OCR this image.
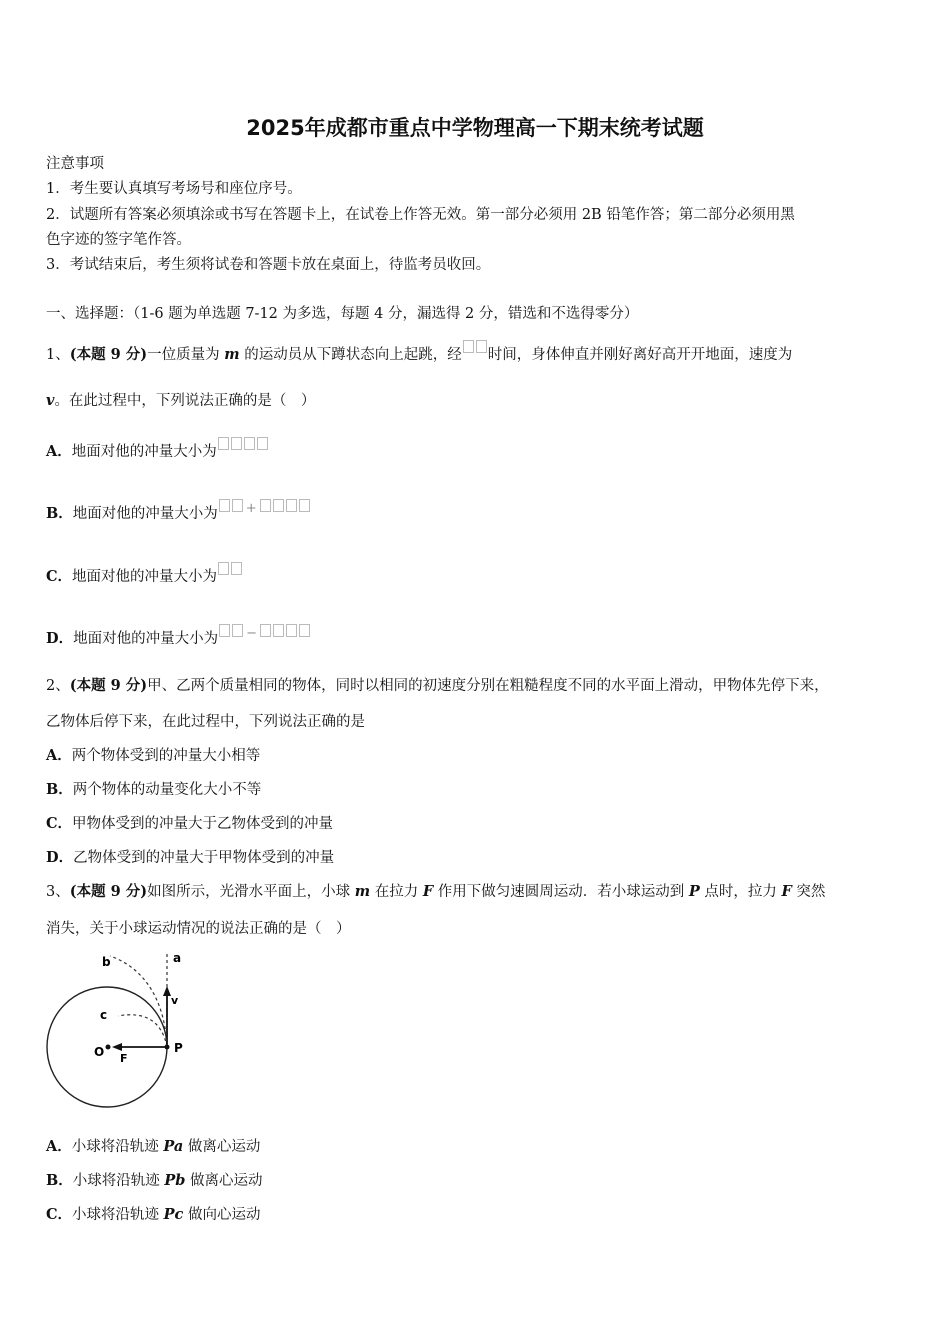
2025年成都市重点中学物理高一下期末统考试题
注意事项
1．考生要认真填写考场号和座位序号。
2．试题所有答案必须填涂或书写在答题卡上，在试卷上作答无效。第一部分必须用 2B 铅笔作答；第二部分必须用黑
色字迹的签字笔作答。
3．考试结束后，考生须将试卷和答题卡放在桌面上，待监考员收回。
一、选择题：（1-6 题为单选题 7-12 为多选，每题 4 分，漏选得 2 分，错选和不选得零分）
1、(本题 9 分)一位质量为 m 的运动员从下蹲状态向上起跳，经 时间，身体伸直并刚好离好高开开地面，速度为
v。在此过程中，下列说法正确的是（　）
A．地面对他的冲量大小为
B．地面对他的冲量大小为 +
C．地面对他的冲量大小为
D．地面对他的冲量大小为 −
2、(本题 9 分)甲、乙两个质量相同的物体，同时以相同的初速度分别在粗糙程度不同的水平面上滑动，甲物体先停下来，
乙物体后停下来，在此过程中，下列说法正确的是
A．两个物体受到的冲量大小相等
B．两个物体的动量变化大小不等
C．甲物体受到的冲量大于乙物体受到的冲量
D．乙物体受到的冲量大于甲物体受到的冲量
3、(本题 9 分)如图所示，光滑水平面上，小球 m 在拉力 F 作用下做匀速圆周运动．若小球运动到 P 点时，拉力 F 突然
消失，关于小球运动情况的说法正确的是（　）
b	a
v
c
O F
P
A．小球将沿轨迹 Pa 做离心运动
B．小球将沿轨迹 Pb 做离心运动
C．小球将沿轨迹 Pc 做向心运动
